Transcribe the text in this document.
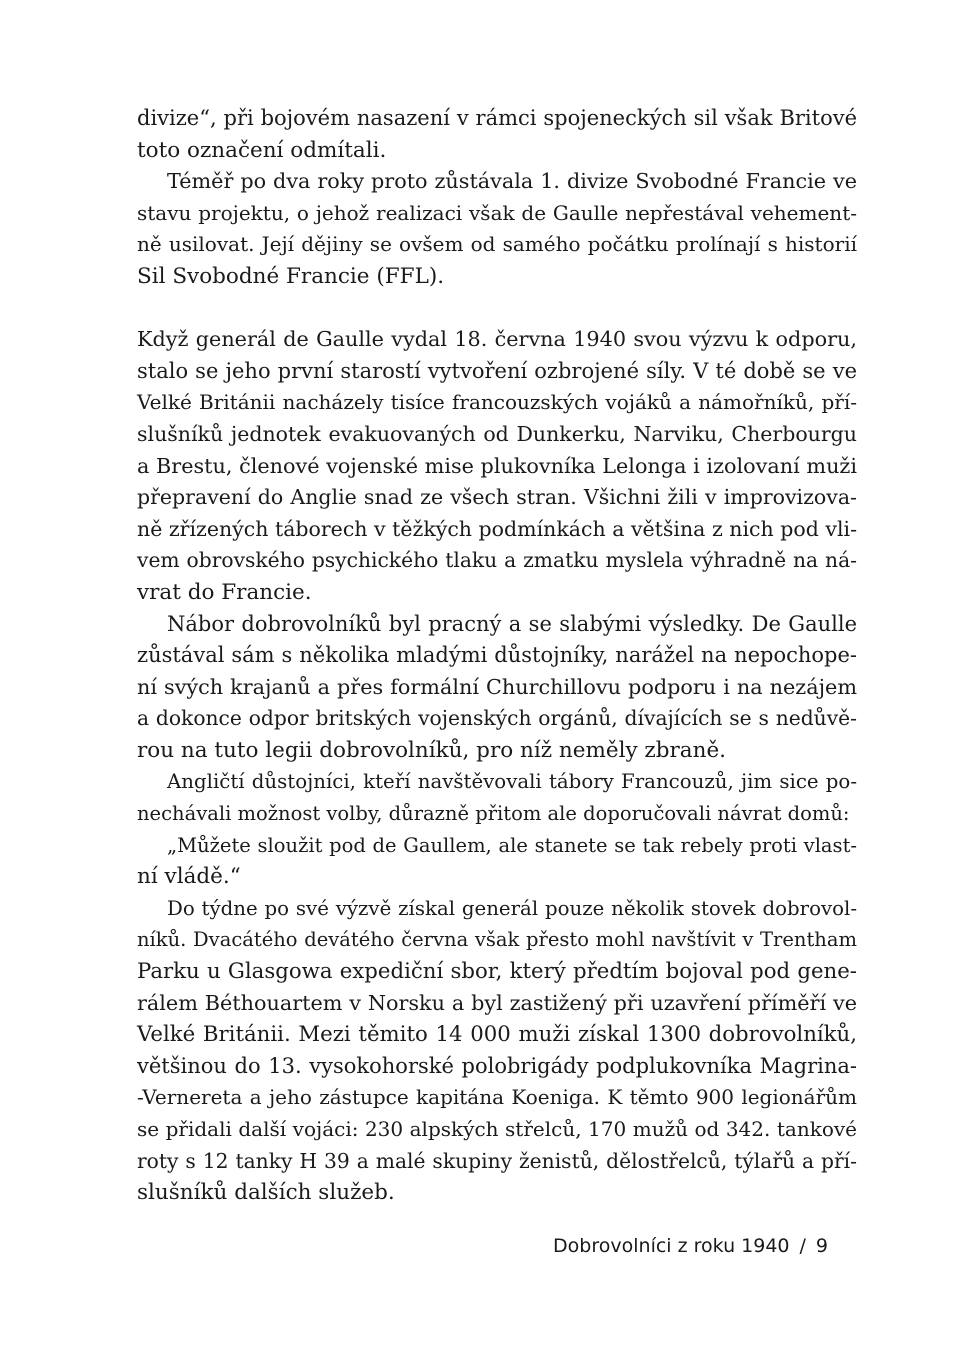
divize“, při bojovém nasazení v rámci spojeneckých sil však Britové
toto označení odmítali.
Téměř po dva roky proto zůstávala 1. divize Svobodné Francie ve
stavu projektu, o jehož realizaci však de Gaulle nepřestával vehement-
ně usilovat. Její dějiny se ovšem od samého počátku prolínají s historií
Sil Svobodné Francie (FFL).
Když generál de Gaulle vydal 18. června 1940 svou výzvu k odporu,
stalo se jeho první starostí vytvoření ozbrojené síly. V té době se ve
Velké Británii nacházely tisíce francouzských vojáků a námořníků, pří-
slušníků jednotek evakuovaných od Dunkerku, Narviku, Cherbourgu
a Brestu, členové vojenské mise plukovníka Lelonga i izolovaní muži
přepravení do Anglie snad ze všech stran. Všichni žili v improvizova-
ně zřízených táborech v těžkých podmínkách a většina z nich pod vli-
vem obrovského psychického tlaku a zmatku myslela výhradně na ná-
vrat do Francie.
Nábor dobrovolníků byl pracný a se slabými výsledky. De Gaulle
zůstával sám s několika mladými důstojníky, narážel na nepochope-
ní svých krajanů a přes formální Churchillovu podporu i na nezájem
a dokonce odpor britských vojenských orgánů, dívajících se s nedůvě-
rou na tuto legii dobrovolníků, pro níž neměly zbraně.
Angličtí důstojníci, kteří navštěvovali tábory Francouzů, jim sice po-
nechávali možnost volby, důrazně přitom ale doporučovali návrat domů:
„Můžete sloužit pod de Gaullem, ale stanete se tak rebely proti vlast-
ní vládě.“
Do týdne po své výzvě získal generál pouze několik stovek dobrovol-
níků. Dvacátého devátého června však přesto mohl navštívit v Trentham
Parku u Glasgowa expediční sbor, který předtím bojoval pod gene-
rálem Béthouartem v Norsku a byl zastižený při uzavření příměří ve
Velké Británii. Mezi těmito 14 000 muži získal 1300 dobrovolníků,
většinou do 13. vysokohorské polobrigády podplukovníka Magrina-
-Vernereta a jeho zástupce kapitána Koeniga. K těmto 900 legionářům
se přidali další vojáci: 230 alpských střelců, 170 mužů od 342. tankové
roty s 12 tanky H 39 a malé skupiny ženistů, dělostřelců, týlařů a pří-
slušníků dalších služeb.
Dobrovolníci z roku 1940 / 9
